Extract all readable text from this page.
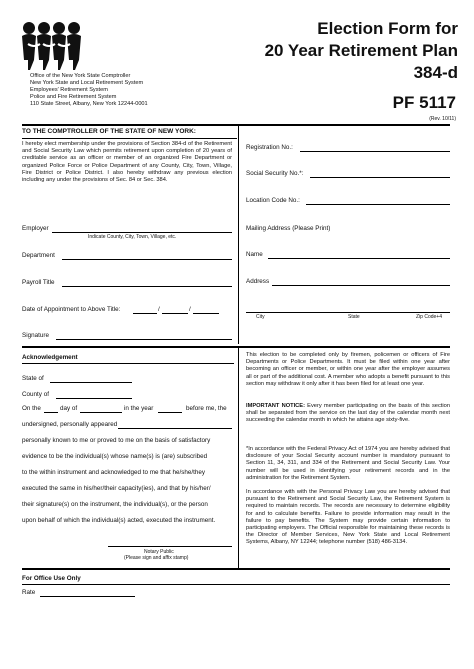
Office of the New York State Comptroller
New York State and Local Retirement System
Employees' Retirement System
Police and Fire Retirement System
110 State Street, Albany, New York 12244-0001
Election Form for
20 Year Retirement Plan
384-d
PF 5117
(Rev. 10/11)
TO THE COMPTROLLER OF THE STATE OF NEW YORK:
I hereby elect membership under the provisions of Section 384-d of the Retirement and Social Security Law which permits retirement upon completion of 20 years of creditable service as an officer or member of an organized Fire Department or organized Police Force or Police Department of any County, City, Town, Village, Fire District or Police District. I also hereby withdraw any previous election including any under the provisions of Sec. 84 or Sec. 384.
Registration No.:
Social Security No.*:
Location Code No.:
Mailing Address (Please Print)
Name
Address
City	State	Zip Code+4
Employer
Indicate County, City, Town, Village, etc.
Department
Payroll Title
Date of Appointment to Above Title:	/	/
Signature
Acknowledgement
State of
County of
On the	day of	in the year	before me, the
undersigned, personally appeared
personally known to me or proved to me on the basis of satisfactory
evidence to be the individual(s) whose name(s) is (are) subscribed
to the within instrument and acknowledged to me that he/she/they
executed the same in his/her/their capacity(ies), and that by his/her/
their signature(s) on the instrument, the individual(s), or the person
upon behalf of which the individual(s) acted, executed the instrument.
Notary Public
(Please sign and affix stamp)
This election to be completed only by firemen, policemen or officers of Fire Departments or Police Departments. It must be filed within one year after becoming an officer or member, or within one year after the employer assumes all or part of the additional cost. A member who adopts a benefit pursuant to this section may withdraw it only after it has been filed for at least one year.
IMPORTANT NOTICE: Every member participating on the basis of this section shall be separated from the service on the last day of the calendar month next succeeding the calendar month in which he attains age sixty-five.
*In accordance with the Federal Privacy Act of 1974 you are hereby advised that disclosure of your Social Security account number is mandatory pursuant to Section 11, 34, 311, and 334 of the Retirement and Social Security Law. Your number will be used in identifying your retirement records and in the administration for the Retirement System.
In accordance with with the Personal Privacy Law you are hereby advised that pursuant to the Retirement and Social Security Law, the Retirement System is required to maintain records. The records are necessary to determine eligibility for and to calculate benefits. Failure to provide information may result in the failure to pay benefits. The System may provide certain information to participating employers. The Official responsible for maintaining these records is the Director of Member Services, New York State and Local Retirement Systems, Albany, NY 12244; telephone number (518) 486-3134.
For Office Use Only
Rate
